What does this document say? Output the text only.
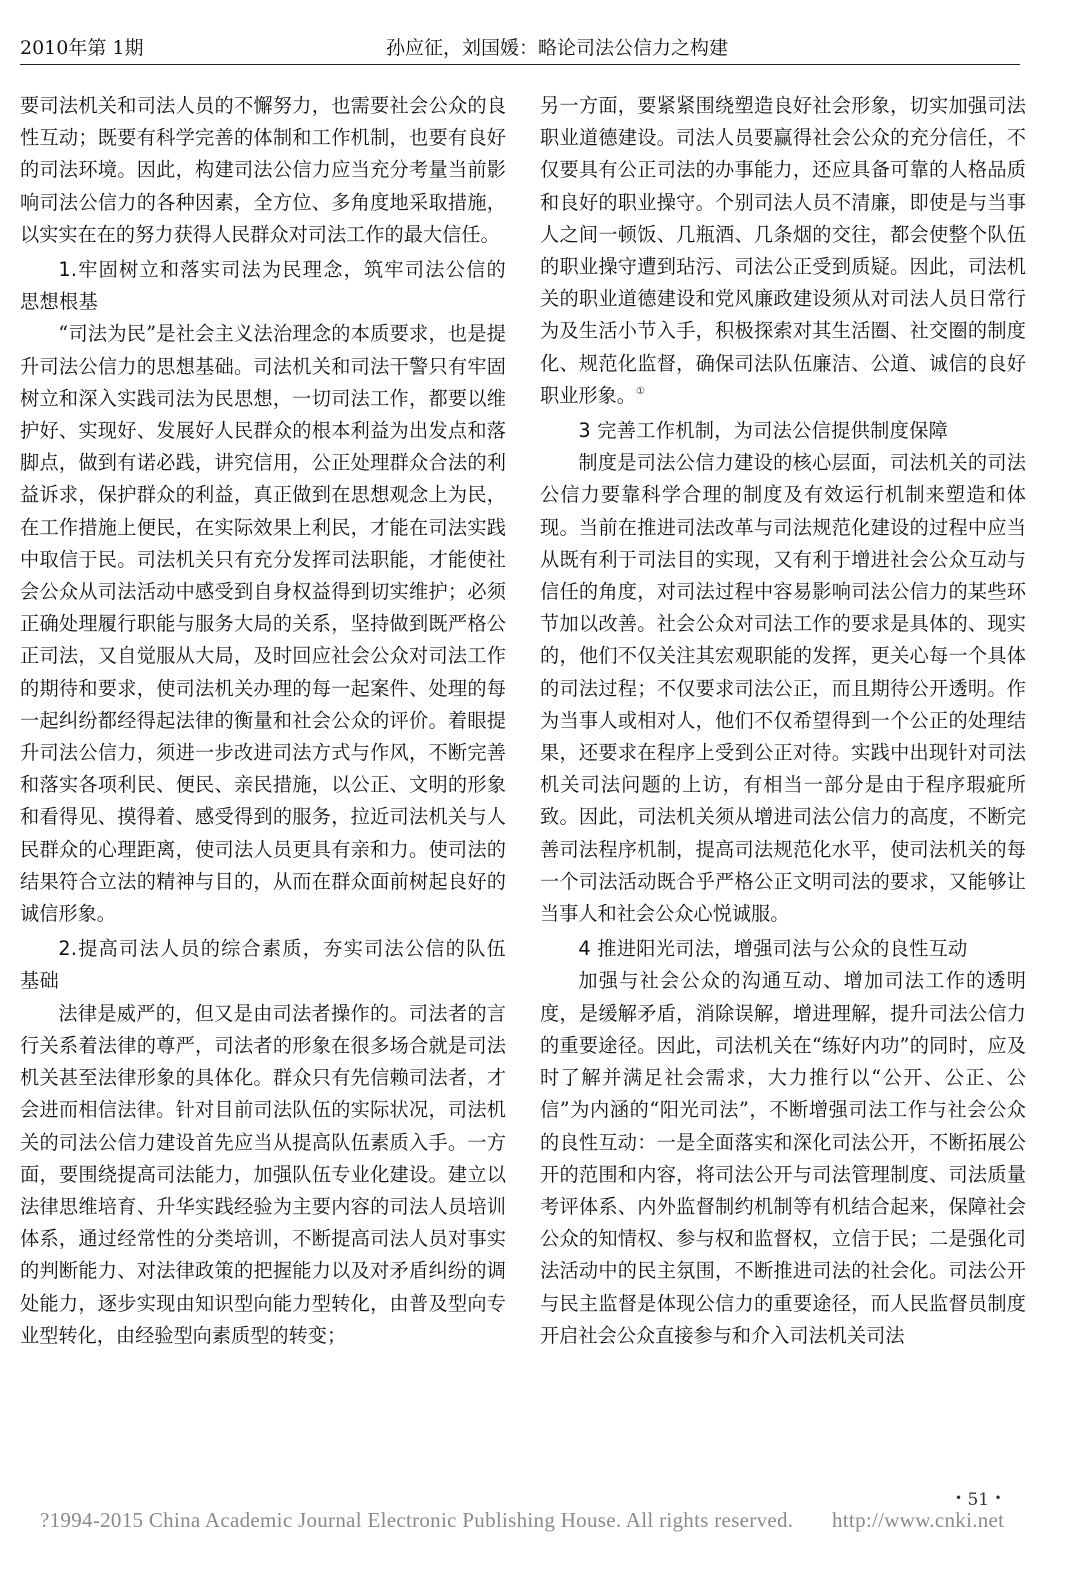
2010年第 1期	孙应征，刘国媛：略论司法公信力之构建

要司法机关和司法人员的不懈努力，也需要社会公众的良性互动；既要有科学完善的体制和工作机制，也要有良好的司法环境。因此，构建司法公信力应当充分考量当前影响司法公信力的各种因素，全方位、多角度地采取措施，以实实在在的努力获得人民群众对司法工作的最大信任。

1.牢固树立和落实司法为民理念，筑牢司法公信的思想根基

“司法为民”是社会主义法治理念的本质要求，也是提升司法公信力的思想基础。司法机关和司法干警只有牢固树立和深入实践司法为民思想，一切司法工作，都要以维护好、实现好、发展好人民群众的根本利益为出发点和落脚点，做到有诺必践，讲究信用，公正处理群众合法的利益诉求，保护群众的利益，真正做到在思想观念上为民，在工作措施上便民，在实际效果上利民，才能在司法实践中取信于民。司法机关只有充分发挥司法职能，才能使社会公众从司法活动中感受到自身权益得到切实维护；必须正确处理履行职能与服务大局的关系，坚持做到既严格公正司法，又自觉服从大局，及时回应社会公众对司法工作的期待和要求，使司法机关办理的每一起案件、处理的每一起纠纷都经得起法律的衡量和社会公众的评价。着眼提升司法公信力，须进一步改进司法方式与作风，不断完善和落实各项利民、便民、亲民措施，以公正、文明的形象和看得见、摸得着、感受得到的服务，拉近司法机关与人民群众的心理距离，使司法人员更具有亲和力。使司法的结果符合立法的精神与目的，从而在群众面前树起良好的诚信形象。

2.提高司法人员的综合素质，夯实司法公信的队伍基础

法律是威严的，但又是由司法者操作的。司法者的言行关系着法律的尊严，司法者的形象在很多场合就是司法机关甚至法律形象的具体化。群众只有先信赖司法者，才会进而相信法律。针对目前司法队伍的实际状况，司法机关的司法公信力建设首先应当从提高队伍素质入手。一方面，要围绕提高司法能力，加强队伍专业化建设。建立以法律思维培育、升华实践经验为主要内容的司法人员培训体系，通过经常性的分类培训，不断提高司法人员对事实的判断能力、对法律政策的把握能力以及对矛盾纠纷的调处能力，逐步实现由知识型向能力型转化，由普及型向专业型转化，由经验型向素质型的转变；

另一方面，要紧紧围绕塑造良好社会形象，切实加强司法职业道德建设。司法人员要赢得社会公众的充分信任，不仅要具有公正司法的办事能力，还应具备可靠的人格品质和良好的职业操守。个别司法人员不清廉，即使是与当事人之间一顿饭、几瓶酒、几条烟的交往，都会使整个队伍的职业操守遭到玷污、司法公正受到质疑。因此，司法机关的职业道德建设和党风廉政建设须从对司法人员日常行为及生活小节入手，积极探索对其生活圈、社交圈的制度化、规范化监督，确保司法队伍廉洁、公道、诚信的良好职业形象。①

3 完善工作机制，为司法公信提供制度保障

制度是司法公信力建设的核心层面，司法机关的司法公信力要靠科学合理的制度及有效运行机制来塑造和体现。当前在推进司法改革与司法规范化建设的过程中应当从既有利于司法目的实现，又有利于增进社会公众互动与信任的角度，对司法过程中容易影响司法公信力的某些环节加以改善。社会公众对司法工作的要求是具体的、现实的，他们不仅关注其宏观职能的发挥，更关心每一个具体的司法过程；不仅要求司法公正，而且期待公开透明。作为当事人或相对人，他们不仅希望得到一个公正的处理结果，还要求在程序上受到公正对待。实践中出现针对司法机关司法问题的上访，有相当一部分是由于程序瑕疵所致。因此，司法机关须从增进司法公信力的高度，不断完善司法程序机制，提高司法规范化水平，使司法机关的每一个司法活动既合乎严格公正文明司法的要求，又能够让当事人和社会公众心悦诚服。

4 推进阳光司法，增强司法与公众的良性互动

加强与社会公众的沟通互动、增加司法工作的透明度，是缓解矛盾，消除误解，增进理解，提升司法公信力的重要途径。因此，司法机关在“练好内功”的同时，应及时了解并满足社会需求，大力推行以“公开、公正、公信”为内涵的“阳光司法”，不断增强司法工作与社会公众的良性互动：一是全面落实和深化司法公开，不断拓展公开的范围和内容，将司法公开与司法管理制度、司法质量考评体系、内外监督制约机制等有机结合起来，保障社会公众的知情权、参与权和监督权，立信于民；二是强化司法活动中的民主氛围，不断推进司法的社会化。司法公开与民主监督是体现公信力的重要途径，而人民监督员制度开启社会公众直接参与和介入司法机关司法

• 51 •
?1994-2015 China Academic Journal Electronic Publishing House. All rights reserved. http://www.cnki.net
